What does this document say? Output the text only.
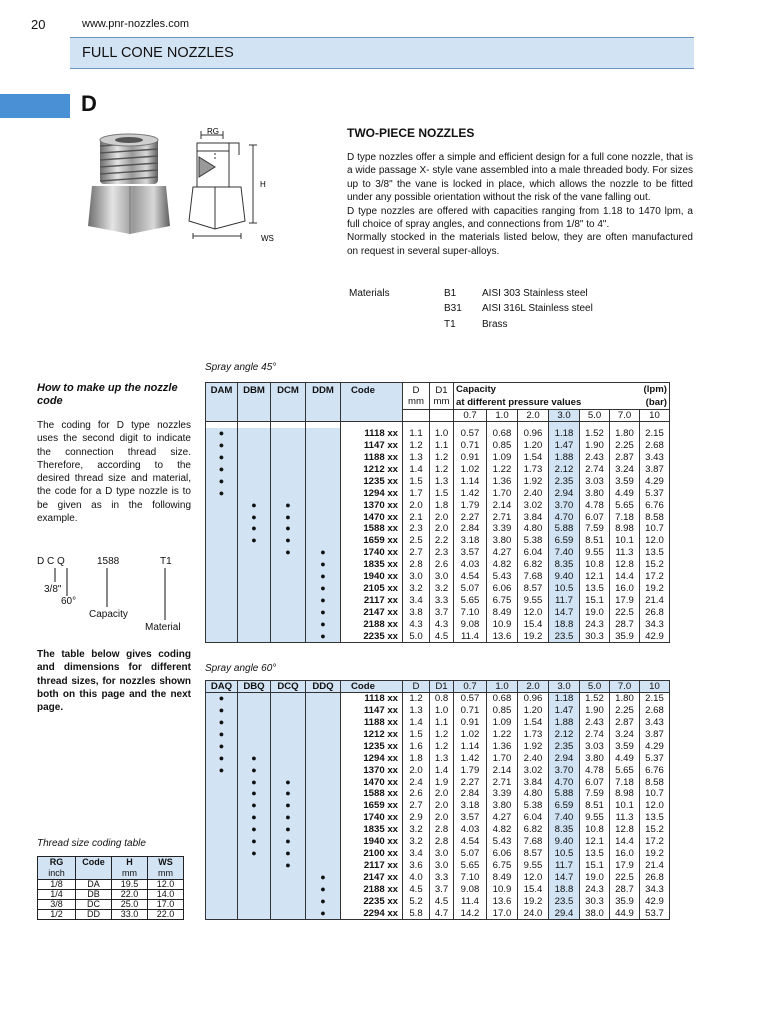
20	www.pnr-nozzles.com
FULL CONE NOZZLES
D
RG
H
WS
TWO-PIECE NOZZLES

D type nozzles offer a simple and efficient design for a full cone nozzle, that is a wide passage X- style vane assembled into a male threaded body. For sizes up to 3/8" the vane is locked in place, which allows the nozzle to be fitted under any possible orientation without the risk of the vane falling out.

D type nozzles are offered with capacities ranging from 1.18 to 1470 lpm, a full choice of spray angles, and connections from 1/8" to 4".

Normally stocked in the materials listed below, they are often manufactured on request in several super-alloys.

Materials	B1	AISI 303 Stainless steel
	B31	AISI 316L Stainless steel
	T1	Brass
How to make up the nozzle code
The coding for D type nozzles uses the second digit to indicate the connection thread size. Therefore, according to the desired thread size and material, the code for a D type nozzle is to be given as in the following example.
D C Q	1588	T1
3/8"
60°
Capacity
Material
The table below gives coding and dimensions for different thread sizes, for nozzles shown both on this page and the next page.
Thread size coding table
RG
inch	Code	H
mm	WS
mm

1/8	DA	19.5	12.0
1/4	DB	22.0	14.0
3/8	DC	25.0	17.0
1/2	DD	33.0	22.0
Spray angle 45°
DAM	DBM	DCM	DDM	Code	D
mm	D1
mm	Capacity (lpm)

at different pressure values (bar)						

							0.7	1.0	2.0	3.0	5.0	7.0	10

●				1118 xx	1.1	1.0	0.57	0.68	0.96	1.18	1.52	1.80	2.15
●				1147 xx	1.2	1.1	0.71	0.85	1.20	1.47	1.90	2.25	2.68
●				1188 xx	1.3	1.2	0.91	1.09	1.54	1.88	2.43	2.87	3.43
●				1212 xx	1.4	1.2	1.02	1.22	1.73	2.12	2.74	3.24	3.87
●				1235 xx	1.5	1.3	1.14	1.36	1.92	2.35	3.03	3.59	4.29
●				1294 xx	1.7	1.5	1.42	1.70	2.40	2.94	3.80	4.49	5.37
	●	●		1370 xx	2.0	1.8	1.79	2.14	3.02	3.70	4.78	5.65	6.76
	●	●		1470 xx	2.1	2.0	2.27	2.71	3.84	4.70	6.07	7.18	8.58
	●	●		1588 xx	2.3	2.0	2.84	3.39	4.80	5.88	7.59	8.98	10.7
	●	●		1659 xx	2.5	2.2	3.18	3.80	5.38	6.59	8.51	10.1	12.0
		●	●	1740 xx	2.7	2.3	3.57	4.27	6.04	7.40	9.55	11.3	13.5
			●	1835 xx	2.8	2.6	4.03	4.82	6.82	8.35	10.8	12.8	15.2
			●	1940 xx	3.0	3.0	4.54	5.43	7.68	9.40	12.1	14.4	17.2
			●	2105 xx	3.2	3.2	5.07	6.06	8.57	10.5	13.5	16.0	19.2
			●	2117 xx	3.4	3.3	5.65	6.75	9.55	11.7	15.1	17.9	21.4
			●	2147 xx	3.8	3.7	7.10	8.49	12.0	14.7	19.0	22.5	26.8
			●	2188 xx	4.3	4.3	9.08	10.9	15.4	18.8	24.3	28.7	34.3
			●	2235 xx	5.0	4.5	11.4	13.6	19.2	23.5	30.3	35.9	42.9
Spray angle 60°
DAQ	DBQ	DCQ	DDQ	Code	D	D1	0.7	1.0	2.0	3.0	5.0	7.0	10
●				1118 xx	1.2	0.8	0.57	0.68	0.96	1.18	1.52	1.80	2.15
●				1147 xx	1.3	1.0	0.71	0.85	1.20	1.47	1.90	2.25	2.68
●				1188 xx	1.4	1.1	0.91	1.09	1.54	1.88	2.43	2.87	3.43
●				1212 xx	1.5	1.2	1.02	1.22	1.73	2.12	2.74	3.24	3.87
●				1235 xx	1.6	1.2	1.14	1.36	1.92	2.35	3.03	3.59	4.29
●	●			1294 xx	1.8	1.3	1.42	1.70	2.40	2.94	3.80	4.49	5.37
●	●			1370 xx	2.0	1.4	1.79	2.14	3.02	3.70	4.78	5.65	6.76
	●	●		1470 xx	2.4	1.9	2.27	2.71	3.84	4.70	6.07	7.18	8.58
	●	●		1588 xx	2.6	2.0	2.84	3.39	4.80	5.88	7.59	8.98	10.7
	●	●		1659 xx	2.7	2.0	3.18	3.80	5.38	6.59	8.51	10.1	12.0
	●	●		1740 xx	2.9	2.0	3.57	4.27	6.04	7.40	9.55	11.3	13.5
	●	●		1835 xx	3.2	2.8	4.03	4.82	6.82	8.35	10.8	12.8	15.2
	●	●		1940 xx	3.2	2.8	4.54	5.43	7.68	9.40	12.1	14.4	17.2
	●	●		2100 xx	3.4	3.0	5.07	6.06	8.57	10.5	13.5	16.0	19.2
		●		2117 xx	3.6	3.0	5.65	6.75	9.55	11.7	15.1	17.9	21.4
			●	2147 xx	4.0	3.3	7.10	8.49	12.0	14.7	19.0	22.5	26.8
			●	2188 xx	4.5	3.7	9.08	10.9	15.4	18.8	24.3	28.7	34.3
			●	2235 xx	5.2	4.5	11.4	13.6	19.2	23.5	30.3	35.9	42.9
			●	2294 xx	5.8	4.7	14.2	17.0	24.0	29.4	38.0	44.9	53.7
